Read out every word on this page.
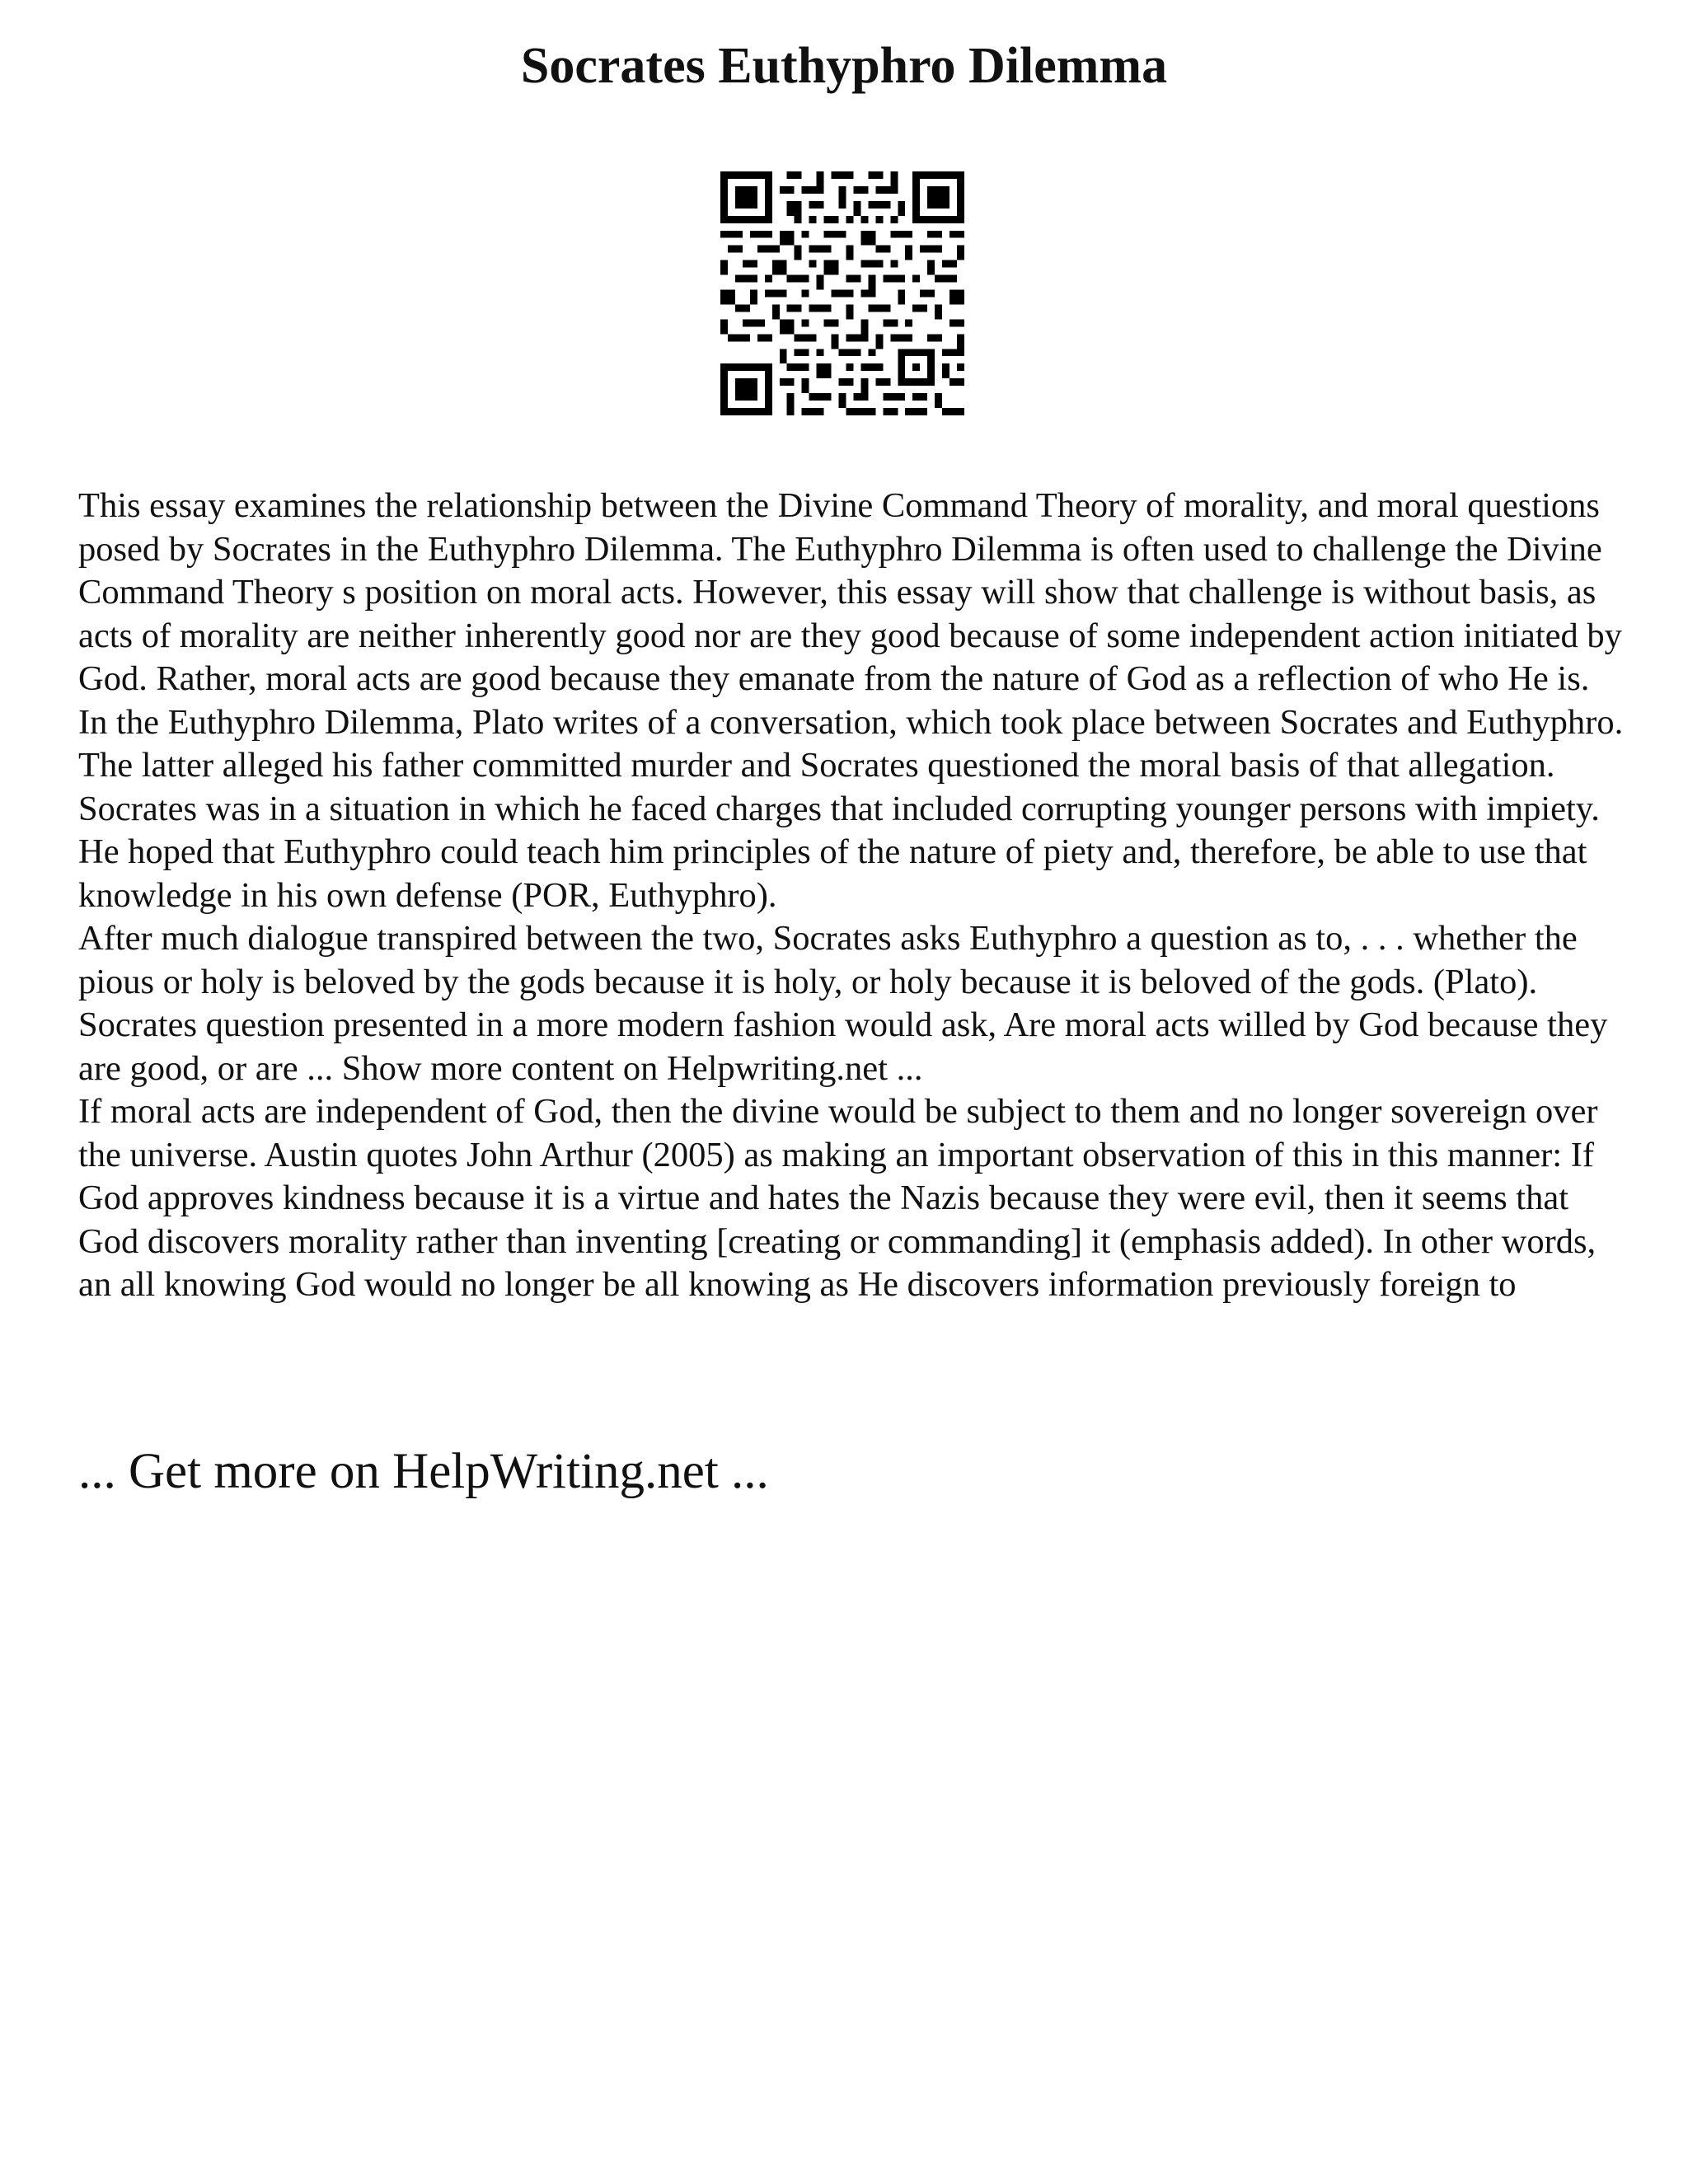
Socrates Euthyphro Dilemma

This essay examines the relationship between the Divine Command Theory of morality, and moral questions posed by Socrates in the Euthyphro Dilemma. The Euthyphro Dilemma is often used to challenge the Divine Command Theory s position on moral acts. However, this essay will show that challenge is without basis, as acts of morality are neither inherently good nor are they good because of some independent action initiated by God. Rather, moral acts are good because they emanate from the nature of God as a reflection of who He is.

In the Euthyphro Dilemma, Plato writes of a conversation, which took place between Socrates and Euthyphro. The latter alleged his father committed murder and Socrates questioned the moral basis of that allegation. Socrates was in a situation in which he faced charges that included corrupting younger persons with impiety. He hoped that Euthyphro could teach him principles of the nature of piety and, therefore, be able to use that knowledge in his own defense (POR, Euthyphro).

After much dialogue transpired between the two, Socrates asks Euthyphro a question as to, . . . whether the pious or holy is beloved by the gods because it is holy, or holy because it is beloved of the gods. (Plato). Socrates question presented in a more modern fashion would ask, Are moral acts willed by God because they are good, or are ... Show more content on Helpwriting.net ...

If moral acts are independent of God, then the divine would be subject to them and no longer sovereign over the universe. Austin quotes John Arthur (2005) as making an important observation of this in this manner: If God approves kindness because it is a virtue and hates the Nazis because they were evil, then it seems that God discovers morality rather than inventing [creating or commanding] it (emphasis added). In other words, an all knowing God would no longer be all knowing as He discovers information previously foreign to

... Get more on HelpWriting.net ...
